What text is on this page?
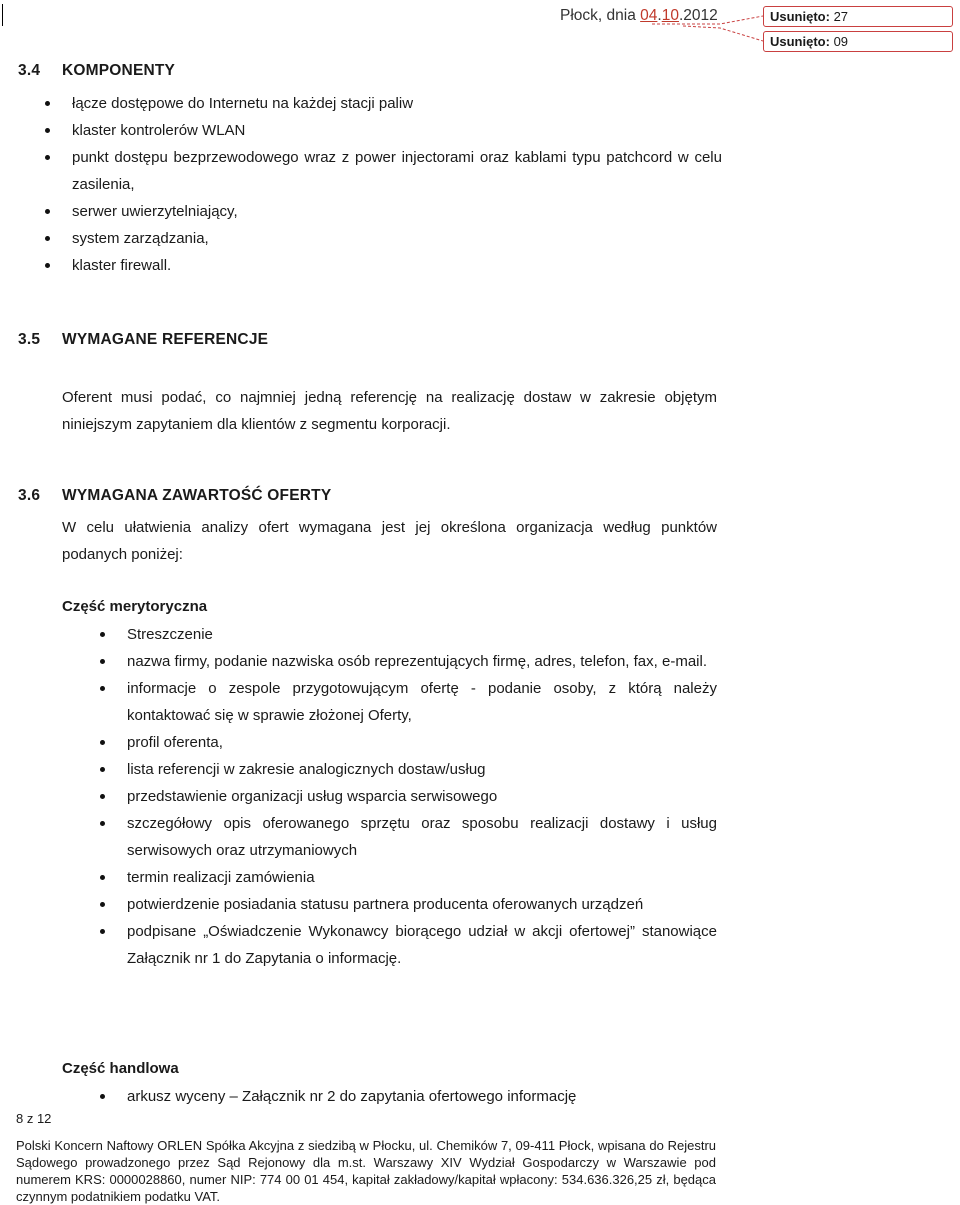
Płock, dnia 04.10.2012	Usunięto: 27
Usunięto: 09
3.4 KOMPONENTY
łącze dostępowe do Internetu na każdej stacji paliw
klaster kontrolerów WLAN
punkt dostępu bezprzewodowego wraz z power injectorami oraz kablami typu patchcord w celu zasilenia,
serwer uwierzytelniający,
system zarządzania,
klaster firewall.
3.5 WYMAGANE REFERENCJE
Oferent musi podać, co najmniej jedną referencję na realizację dostaw w zakresie objętym niniejszym zapytaniem dla klientów z segmentu korporacji.
3.6 WYMAGANA ZAWARTOŚĆ OFERTY
W celu ułatwienia analizy ofert wymagana jest jej określona organizacja według punktów podanych poniżej:
Część merytoryczna
Streszczenie
nazwa firmy, podanie nazwiska osób reprezentujących firmę, adres, telefon, fax, e-mail.
informacje o zespole przygotowującym ofertę - podanie osoby, z którą należy kontaktować się w sprawie złożonej Oferty,
profil oferenta,
lista referencji w zakresie analogicznych dostaw/usług
przedstawienie organizacji usług wsparcia serwisowego
szczegółowy opis oferowanego sprzętu oraz sposobu realizacji dostawy i usług serwisowych oraz utrzymaniowych
termin realizacji zamówienia
potwierdzenie posiadania statusu partnera producenta oferowanych urządzeń
podpisane „Oświadczenie Wykonawcy biorącego udział w akcji ofertowej” stanowiące Załącznik nr 1 do Zapytania o informację.
Część handlowa
arkusz wyceny – Załącznik nr 2 do zapytania ofertowego informację
8 z 12
Polski Koncern Naftowy ORLEN Spółka Akcyjna z siedzibą w Płocku, ul. Chemików 7, 09-411 Płock, wpisana do Rejestru Sądowego prowadzonego przez Sąd Rejonowy dla m.st. Warszawy XIV Wydział Gospodarczy w Warszawie pod numerem KRS: 0000028860, numer NIP: 774 00 01 454, kapitał zakładowy/kapitał wpłacony: 534.636.326,25 zł, będąca czynnym podatnikiem podatku VAT.
